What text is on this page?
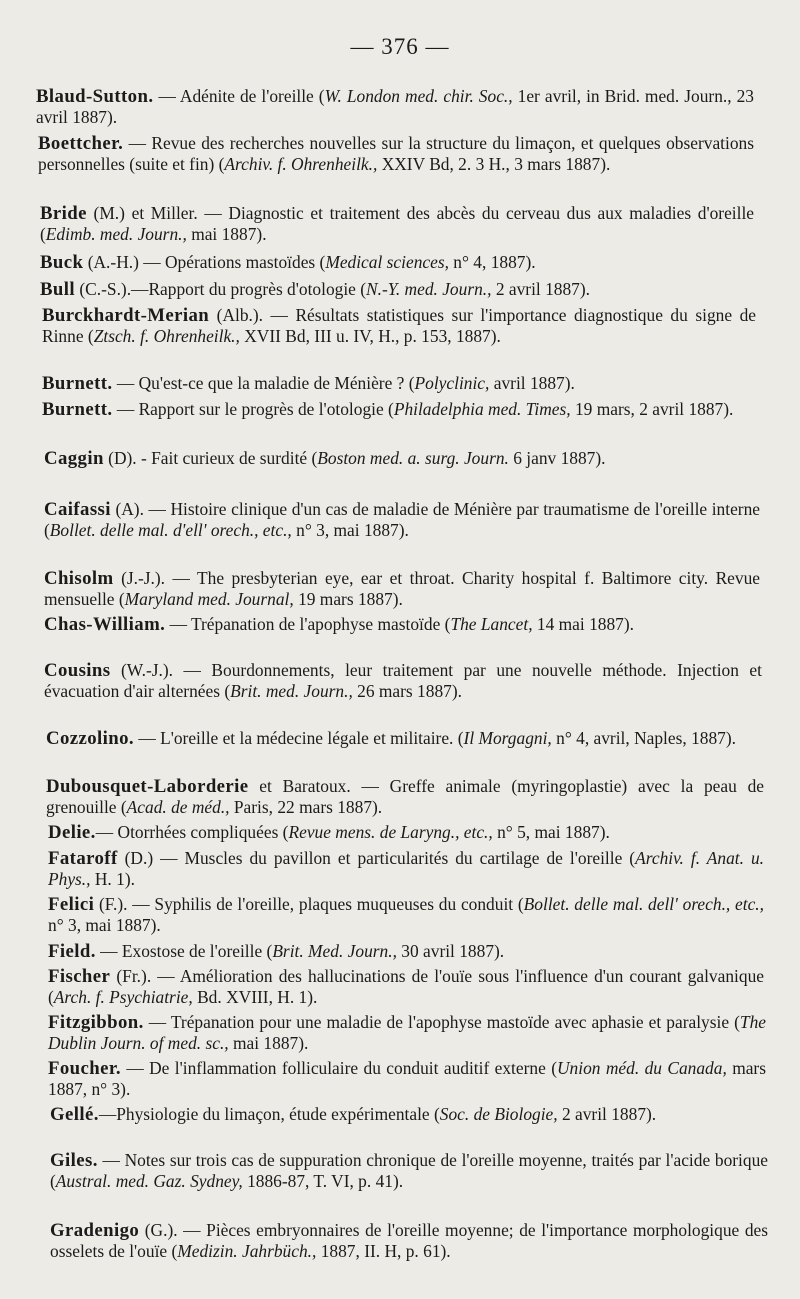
— 376 —
Blaud-Sutton. — Adénite de l'oreille (W. London med. chir. Soc., 1er avril, in Brid. med. Journ., 23 avril 1887).
Boettcher. — Revue des recherches nouvelles sur la structure du limaçon, et quelques observations personnelles (suite et fin) (Archiv. f. Ohrenheilk., XXIV Bd, 2. 3 H., 3 mars 1887).
Bride (M.) et Miller. — Diagnostic et traitement des abcès du cerveau dus aux maladies d'oreille (Edimb. med. Journ., mai 1887).
Buck (A.-H.) — Opérations mastoïdes (Medical sciences, n° 4, 1887).
Bull (C.-S.).—Rapport du progrès d'otologie (N.-Y. med. Journ., 2 avril 1887).
Burckhardt-Merian (Alb.). — Résultats statistiques sur l'importance diagnostique du signe de Rinne (Ztsch. f. Ohrenheilk., XVII Bd, III u. IV, H., p. 153, 1887).
Burnett. — Qu'est-ce que la maladie de Ménière ? (Polyclinic, avril 1887).
Burnett. — Rapport sur le progrès de l'otologie (Philadelphia med. Times, 19 mars, 2 avril 1887).
Caggin (D). - Fait curieux de surdité (Boston med. a. surg. Journ. 6 janv 1887).
Caifassi (A). — Histoire clinique d'un cas de maladie de Ménière par traumatisme de l'oreille interne (Bollet. delle mal. d'ell' orech., etc., n° 3, mai 1887).
Chisolm (J.-J.). — The presbyterian eye, ear et throat. Charity hospital f. Baltimore city. Revue mensuelle (Maryland med. Journal, 19 mars 1887).
Chas-William. — Trépanation de l'apophyse mastoïde (The Lancet, 14 mai 1887).
Cousins (W.-J.). — Bourdonnements, leur traitement par une nouvelle méthode. Injection et évacuation d'air alternées (Brit. med. Journ., 26 mars 1887).
Cozzolino. — L'oreille et la médecine légale et militaire. (Il Morgagni, n° 4, avril, Naples, 1887).
Dubousquet-Laborderie et Baratoux. — Greffe animale (myringoplastie) avec la peau de grenouille (Acad. de méd., Paris, 22 mars 1887).
Delie.— Otorrhées compliquées (Revue mens. de Laryng., etc., n° 5, mai 1887).
Fataroff (D.) — Muscles du pavillon et particularités du cartilage de l'oreille (Archiv. f. Anat. u. Phys., H. 1).
Felici (F.). — Syphilis de l'oreille, plaques muqueuses du conduit (Bollet. delle mal. dell' orech., etc., n° 3, mai 1887).
Field. — Exostose de l'oreille (Brit. Med. Journ., 30 avril 1887).
Fischer (Fr.). — Amélioration des hallucinations de l'ouïe sous l'influence d'un courant galvanique (Arch. f. Psychiatrie, Bd. XVIII, H. 1).
Fitzgibbon. — Trépanation pour une maladie de l'apophyse mastoïde avec aphasie et paralysie (The Dublin Journ. of med. sc., mai 1887).
Foucher. — De l'inflammation folliculaire du conduit auditif externe (Union méd. du Canada, mars 1887, n° 3).
Gellé.—Physiologie du limaçon, étude expérimentale (Soc. de Biologie, 2 avril 1887).
Giles. — Notes sur trois cas de suppuration chronique de l'oreille moyenne, traités par l'acide borique (Austral. med. Gaz. Sydney, 1886-87, T. VI, p. 41).
Gradenigo (G.). — Pièces embryonnaires de l'oreille moyenne; de l'importance morphologique des osselets de l'ouïe (Medizin. Jahrbüch., 1887, II. H, p. 61).
